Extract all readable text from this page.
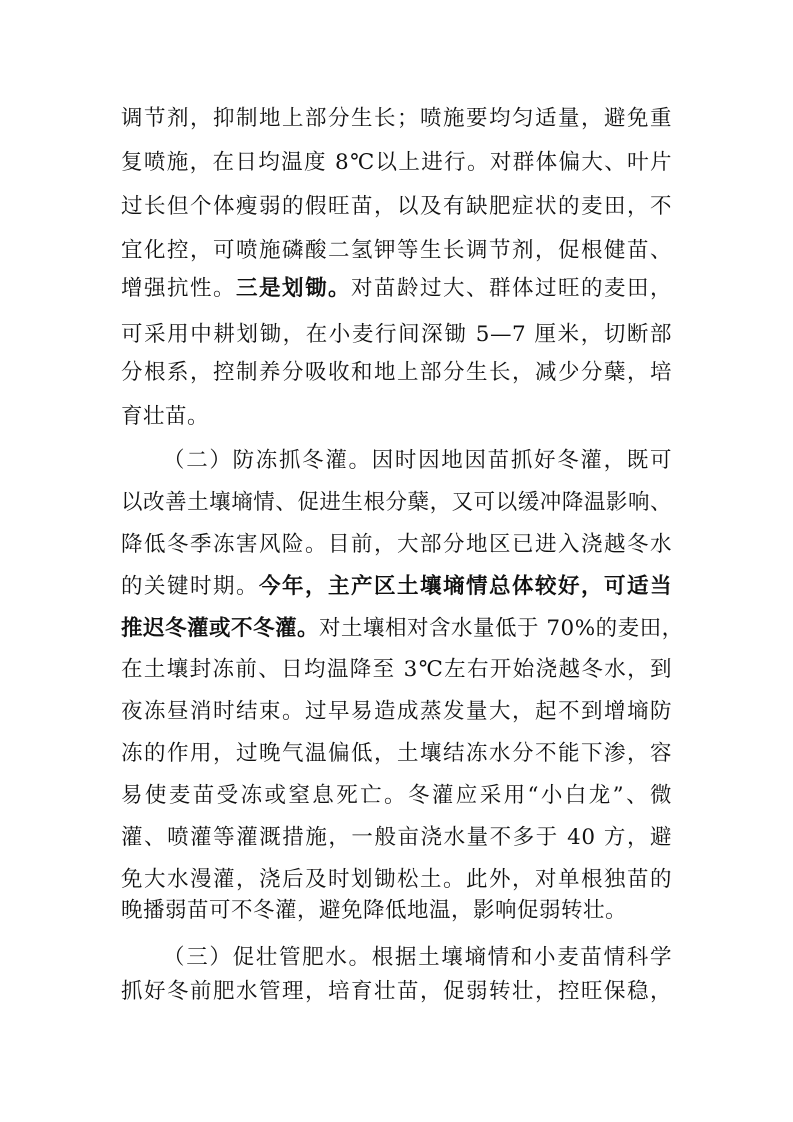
调节剂，抑制地上部分生长；喷施要均匀适量，避免重
复喷施，在日均温度 8℃以上进行。对群体偏大、叶片
过长但个体瘦弱的假旺苗，以及有缺肥症状的麦田，不
宜化控，可喷施磷酸二氢钾等生长调节剂，促根健苗、
增强抗性。三是划锄。对苗龄过大、群体过旺的麦田，
可采用中耕划锄，在小麦行间深锄 5—7 厘米，切断部
分根系，控制养分吸收和地上部分生长，减少分蘖，培
育壮苗。
（二）防冻抓冬灌。因时因地因苗抓好冬灌，既可
以改善土壤墒情、促进生根分蘖，又可以缓冲降温影响、
降低冬季冻害风险。目前，大部分地区已进入浇越冬水
的关键时期。今年，主产区土壤墒情总体较好，可适当
推迟冬灌或不冬灌。对土壤相对含水量低于 70%的麦田，
在土壤封冻前、日均温降至 3℃左右开始浇越冬水，到
夜冻昼消时结束。过早易造成蒸发量大，起不到增墒防
冻的作用，过晚气温偏低，土壤结冻水分不能下渗，容
易使麦苗受冻或窒息死亡。冬灌应采用“小白龙”、微
灌、喷灌等灌溉措施，一般亩浇水量不多于 40 方，避
免大水漫灌，浇后及时划锄松土。此外，对单根独苗的
晚播弱苗可不冬灌，避免降低地温，影响促弱转壮。
（三）促壮管肥水。根据土壤墒情和小麦苗情科学
抓好冬前肥水管理，培育壮苗，促弱转壮，控旺保稳，
